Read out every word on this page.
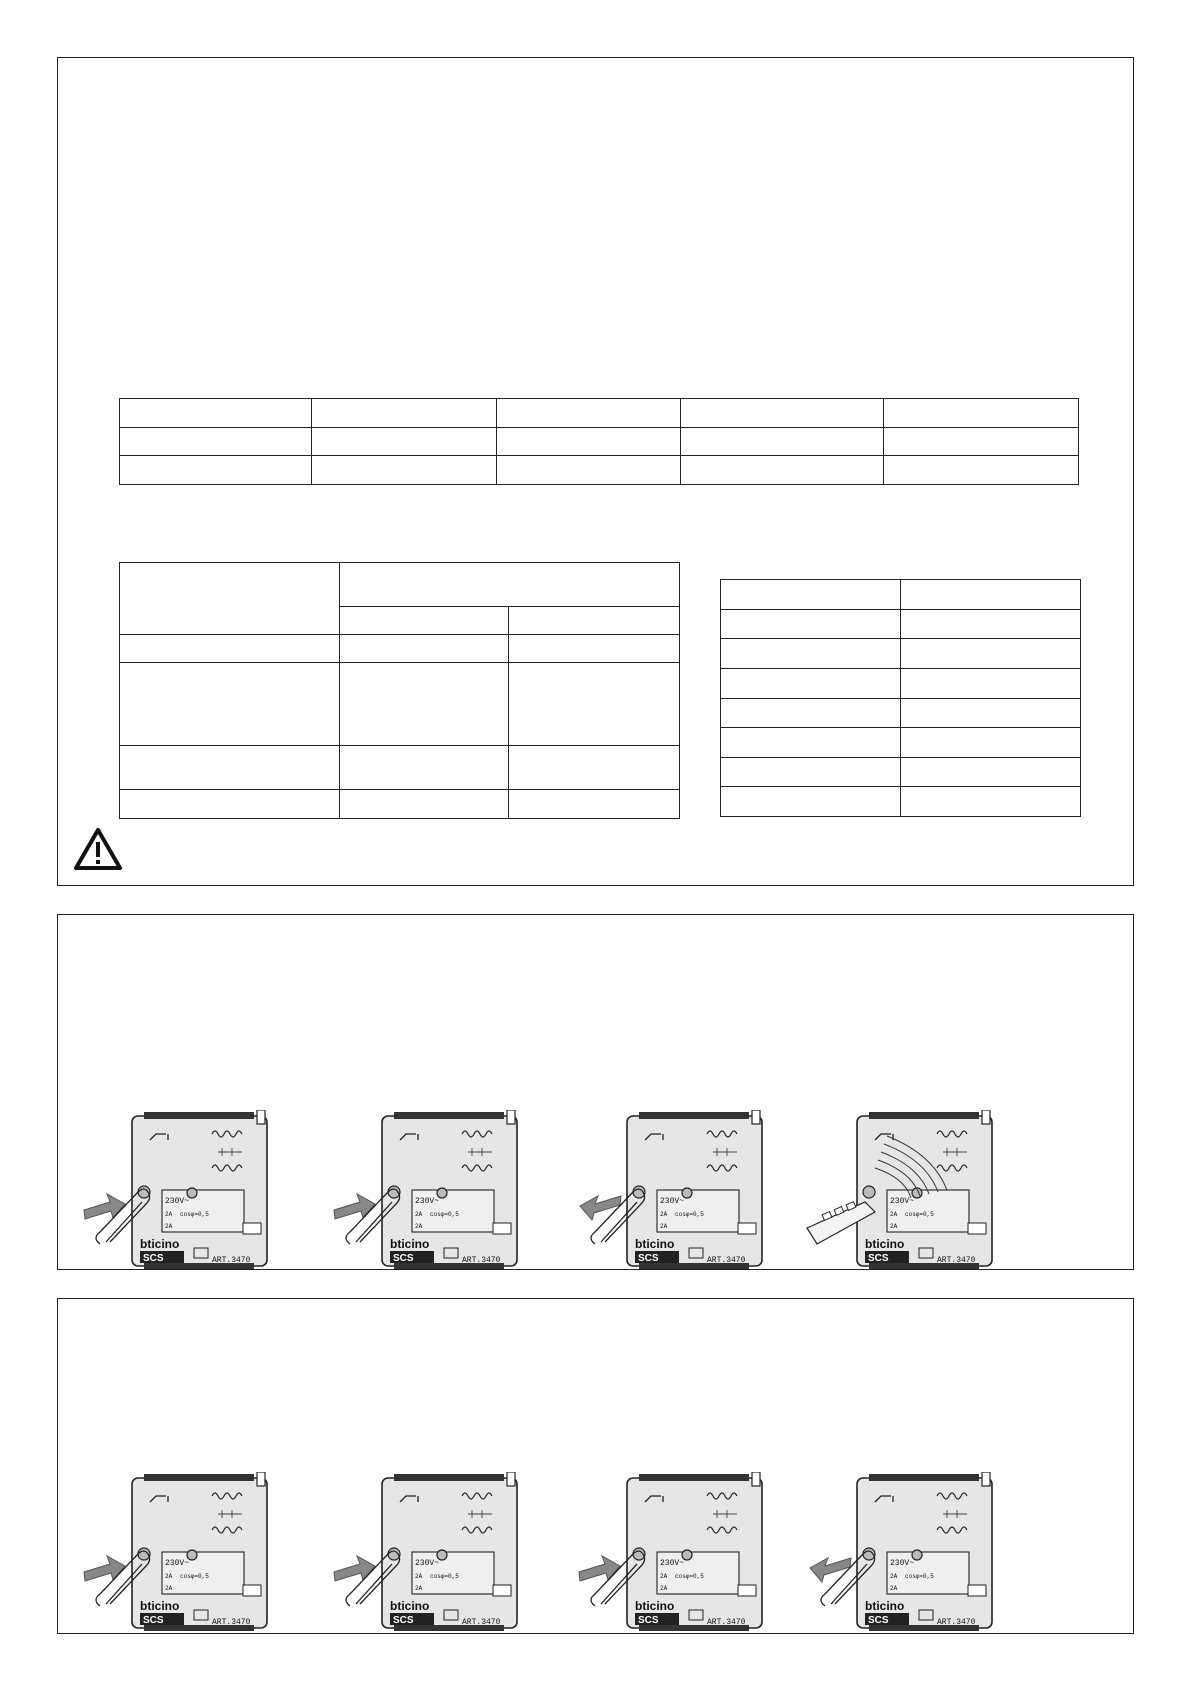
230V~
2A cosφ=0,5
2A
bticino
SCS	ART.3470
230V~
2A cosφ=0,5
2A
bticino
SCS	ART.3470
230V~
2A cosφ=0,5
2A
bticino
SCS	ART.3470
230V~
2A cosφ=0,5
2A
bticino
SCS	ART.3470
230V~
2A cosφ=0,5
2A
bticino
SCS	ART.3470
230V~
2A cosφ=0,5
2A
bticino
SCS	ART.3470
230V~
2A cosφ=0,5
2A
bticino
SCS	ART.3470
230V~
2A cosφ=0,5
2A
bticino
SCS	ART.3470
